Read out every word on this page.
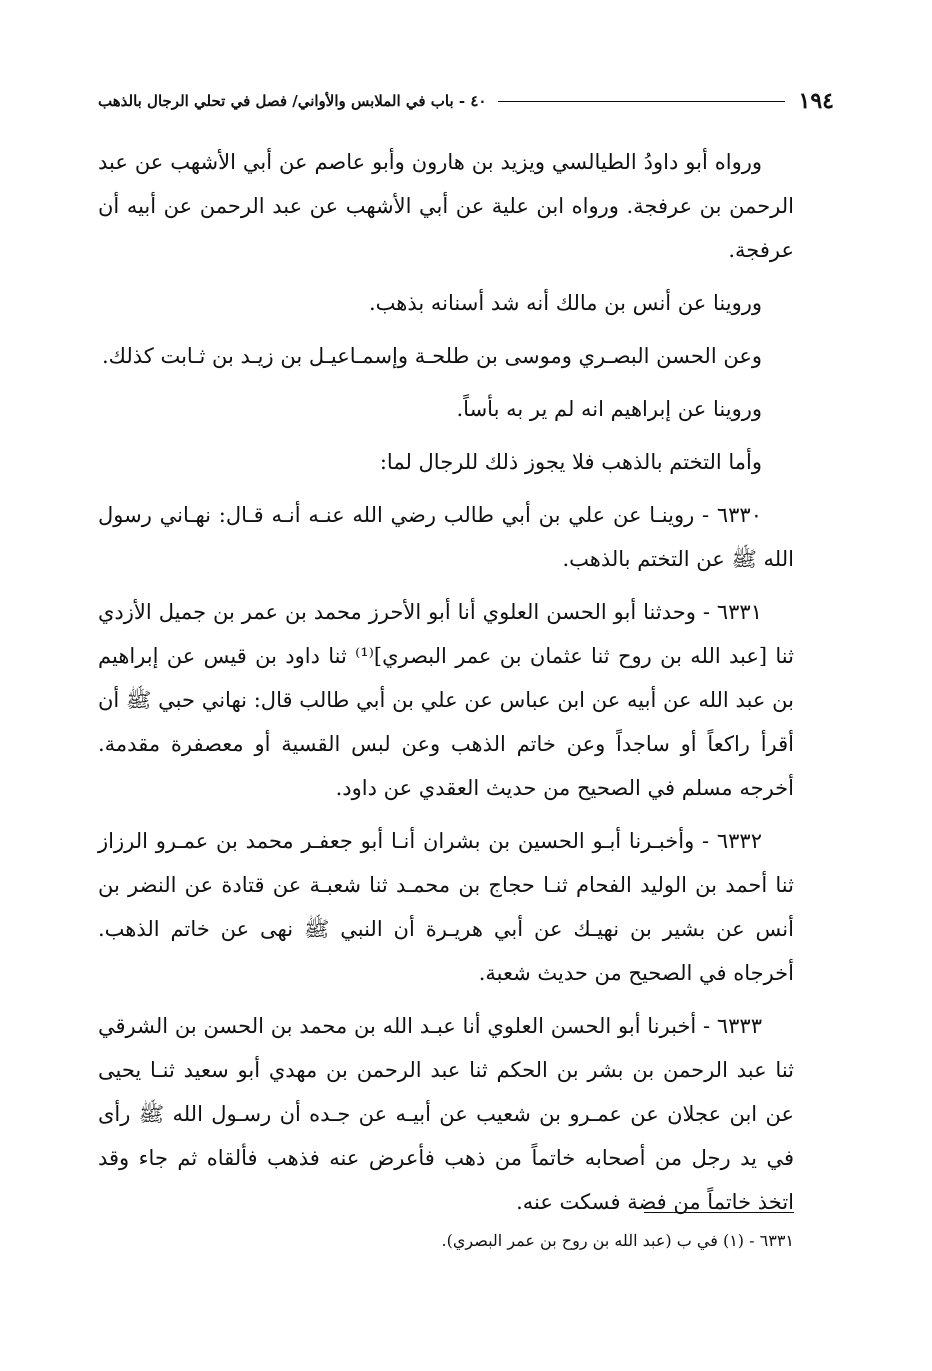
١٩٤
٤٠ - باب في الملابس والأواني/ فصل في تحلي الرجال بالذهب

ورواه أبو داودُ الطيالسي ويزيد بن هارون وأبو عاصم عن أبي الأشهب عن عبد الرحمن بن عرفجة. ورواه ابن علية عن أبي الأشهب عن عبد الرحمن عن أبيه أن عرفجة.

وروينا عن أنس بن مالك أنه شد أسنانه بذهب.

وعن الحسن البصـري وموسى بن طلحـة وإسمـاعيـل بن زيـد بن ثـابت كذلك.

وروينا عن إبراهيم انه لم ير به بأساً.

وأما التختم بالذهب فلا يجوز ذلك للرجال لما:

٦٣٣٠ - روينـا عن علي بن أبي طالب رضي الله عنـه أنـه قـال: نهـاني رسول الله ﷺ عن التختم بالذهب.

٦٣٣١ - وحدثنا أبو الحسن العلوي أنا أبو الأحرز محمد بن عمر بن جميل الأزدي ثنا [عبد الله بن روح ثنا عثمان بن عمر البصري]⁽¹⁾ ثنا داود بن قيس عن إبراهيم بن عبد الله عن أبيه عن ابن عباس عن علي بن أبي طالب قال: نهاني حبي ﷺ أن أقرأ راكعاً أو ساجداً وعن خاتم الذهب وعن لبس القسية أو معصفرة مقدمة. أخرجه مسلم في الصحيح من حديث العقدي عن داود.

٦٣٣٢ - وأخبـرنا أبـو الحسين بن بشران أنـا أبو جعفـر محمد بن عمـرو الرزاز ثنا أحمد بن الوليد الفحام ثنـا حجاج بن محمـد ثنا شعبـة عن قتادة عن النضر بن أنس عن بشير بن نهيـك عن أبي هريـرة أن النبي ﷺ نهى عن خاتم الذهب. أخرجاه في الصحيح من حديث شعبة.

٦٣٣٣ - أخبرنا أبو الحسن العلوي أنا عبـد الله بن محمد بن الحسن بن الشرقي ثنا عبد الرحمن بن بشر بن الحكم ثنا عبد الرحمن بن مهدي أبو سعيد ثنـا يحيى عن ابن عجلان عن عمـرو بن شعيب عن أبيـه عن جـده أن رسـول الله ﷺ رأى في يد رجل من أصحابه خاتماً من ذهب فأعرض عنه فذهب فألقاه ثم جاء وقد اتخذ خاتماً من فضة فسكت عنه.

٦٣٣١ - (١) في ب (عبد الله بن روح بن عمر البصري).
